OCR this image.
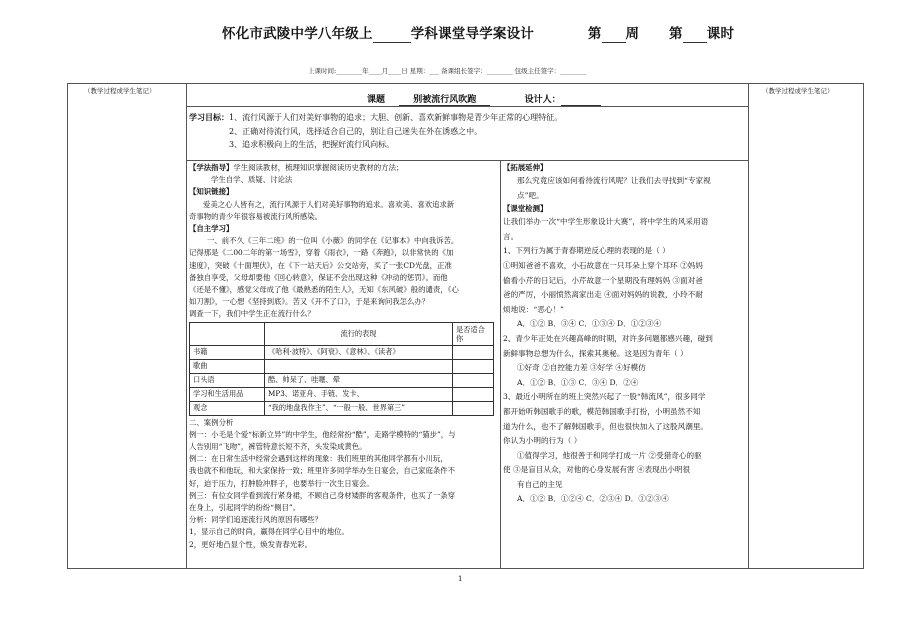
怀化市武陵中学八年级上	学科课堂导学案设计	第 周 第 课时
上课时间:________年____月____日 星期：___ 备课组长签字：________ 包级主任签字：________
（教学过程或学生笔记）	（教学过程或学生笔记）
课题	别被流行风吹跑	设计人：
学习目标：1、流行风源于人们对美好事物的追求；大胆、创新、喜欢新鲜事物是青少年正常的心理特征。
2、正确对待流行风，选择适合自己的，别让自己迷失在外在诱惑之中。
3、追求积极向上的生活，把握好流行风向标。

【学法指导】学生阅读教材，梳理知识掌握阅读历史教材的方法；

学生自学、质疑、讨论法

【知识链接】

爱美之心人皆有之，流行风源于人们对美好事物的追求。喜欢美、喜欢追求新

奇事物的青少年很容易被流行风所感染。

【自主学习】

一、前不久《三年二班》的一位叫《小薇》的同学在《记事本》中向我诉苦。

记得那是《二00二年的第一场雪》，穿着《雨衣》，一路《奔跑》，以非常快的《加

速度》，突破《十面埋伏》，在《下一站天后》公交站旁，买了一张CD光盘，正准

备独自享受，父母却要他《回心转意》，保证不会出现这种《冲动的惩罚》。而他

《还是不懂》，感觉父母成了他《最熟悉的陌生人》，无知《东风破》般的谴责，《心

如刀割》，一心想《坚持到底》。苦又《开不了口》，于是来询问我怎么办？

调查一下，我们中学生正在流行什么？

	流行的表现	是否适合你
书籍	《哈利·波特》、《阿衰》、《意林》、《读者》	
歌曲		
口头语	酷、帅呆了、哇噻、晕	
学习和生活用品	MP3、诺亚舟、手链、发卡、	
观念	“我的地盘我作主”、“一般一般、世界第三”	

二、案例分析

例一：小毛是个爱“标新立异”的中学生，他经常扮“酷”，走路学模特的“猫步”，与

人告别用“飞吻”，裤管特意长短不齐，头发染成黄色。

例二：在日常生活中经常会遇到这样的现象：我们班里的其他同学都有小川玩，

我也就不和他玩，和大家保持一致；班里许多同学举办生日宴会，自己家庭条件不

好，迫于压力，打肿脸冲胖子，也要举行一次生日宴会。

例三：有位女同学看到流行紧身裙，不顾自己身材矮胖的客观条件，也买了一条穿

在身上，引起同学的纷纷“侧目”。

分析：同学们追逐流行风的原因有哪些？

1，显示自己的时尚，赢得在同学心目中的地位。

2，更好地凸显个性，焕发青春光彩。

【拓展延伸】

那么究竟应该如何看待流行风呢？让我们去寻找到“专家视

点”吧。

【课堂检测】

让我们举办一次“中学生形象设计大赛”，将中学生的风采用语

言。

1、下列行为属于青春期逆反心理的表现的是（ ）

①明知爸爸不喜欢，小石故意在一只耳朵上穿个耳环 ②妈妈

偷看小芹的日记后，小芹故意一个星期没有理妈妈 ③面对爸

爸的严厉，小丽愤然离家出走 ④面对妈妈的说教，小玲不耐

烦地说：“恶心！”

A．①② B．③④ C．①③④ D．①②③④

2、青少年正处在兴趣高峰的时期，对许多问题都感兴趣，碰到

新鲜事物总想为什么，探索其奥秘。这是因为青年（ ）

①好奇 ②自控能力差 ③好学 ④好模仿

A．①② B．①③ C．③④ D．②④

3、最近小明所在的班上突然兴起了一股“韩流风”，很多同学

都开始听韩国歌手的歌，模范韩国歌手打扮，小明虽然不知

道为什么，也不了解韩国歌手，但也很快加入了这股风潮里。

你认为小明的行为（ ）

①值得学习，他很善于和同学打成一片 ②受猎奇心的驱

使 ③是盲目从众，对他的心身发展有害 ④表现出小明很

有自己的主见

A．①② B．①②④ C．②③④ D．①②③④

1
